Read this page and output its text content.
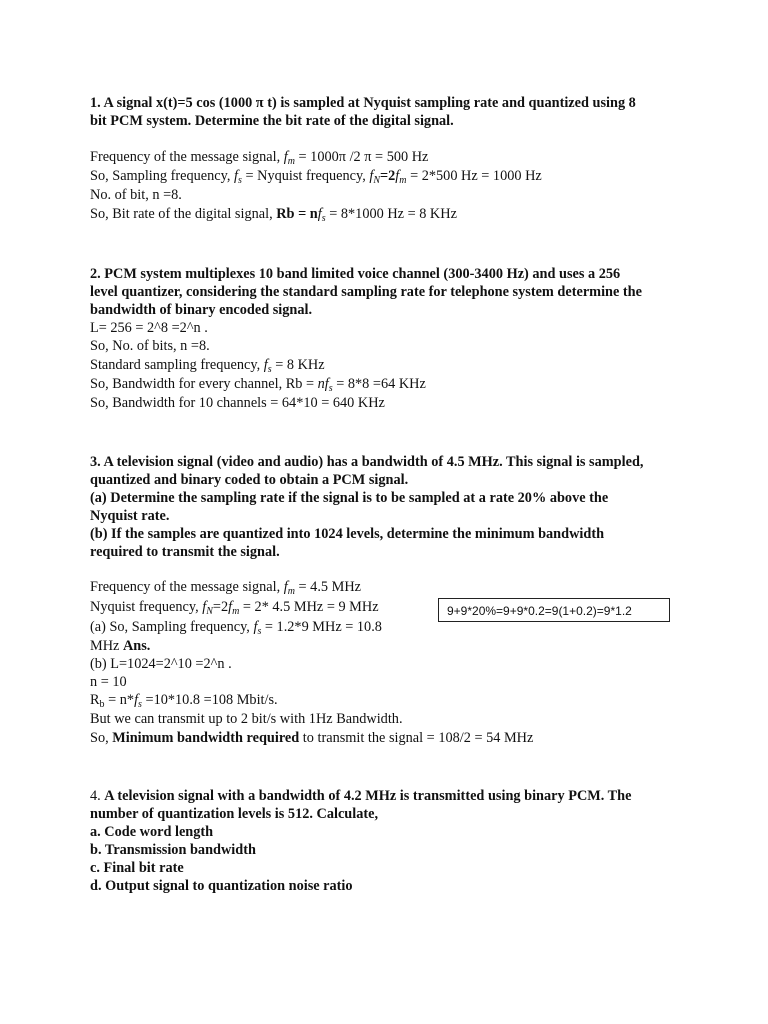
1. A signal x(t)=5 cos (1000 π t) is sampled at Nyquist sampling rate and quantized using 8
bit PCM system. Determine the bit rate of the digital signal.
Frequency of the message signal, $f_m = 1000\pi$ /2 π = 500 Hz
So, Sampling frequency, $f_s$ = Nyquist frequency, $f_N=2f_m = 2*500$ Hz = 1000 Hz
No. of bit, n =8.
So, Bit rate of the digital signal, $Rb = nf_s = 8*1000$ Hz = 8 KHz
2. PCM system multiplexes 10 band limited voice channel (300-3400 Hz) and uses a 256
level quantizer, considering the standard sampling rate for telephone system determine the
bandwidth of binary encoded signal.
L= 256 = 2^8 =2^n .
So, No. of bits, n =8.
Standard sampling frequency, $f_s = 8$ KHz
So, Bandwidth for every channel, $Rb = nf_s = 8*8 =64$ KHz
So, Bandwidth for 10 channels = 64*10 = 640 KHz
3. A television signal (video and audio) has a bandwidth of 4.5 MHz. This signal is sampled,
quantized and binary coded to obtain a PCM signal.
(a) Determine the sampling rate if the signal is to be sampled at a rate 20% above the
Nyquist rate.
(b) If the samples are quantized into 1024 levels, determine the minimum bandwidth
required to transmit the signal.
Frequency of the message signal, $f_m = 4.5$ MHz
Nyquist frequency, $f_N=2f_m = 2*$ 4.5 MHz = 9 MHz
(a) So, Sampling frequency, $f_s = 1.2*9$ MHz = 10.8
MHz Ans.
(b) L=1024=2^10 =2^n .
n = 10
$R_b = n*f_s =10*10.8 =108$ Mbit/s.
But we can transmit up to 2 bit/s with 1Hz Bandwidth.
So, Minimum bandwidth required to transmit the signal = 108/2 = 54 MHz
9+9*20%=9+9*0.2=9(1+0.2)=9*1.2
4. A television signal with a bandwidth of 4.2 MHz is transmitted using binary PCM. The
number of quantization levels is 512. Calculate,
a. Code word length
b. Transmission bandwidth
c. Final bit rate
d. Output signal to quantization noise ratio
